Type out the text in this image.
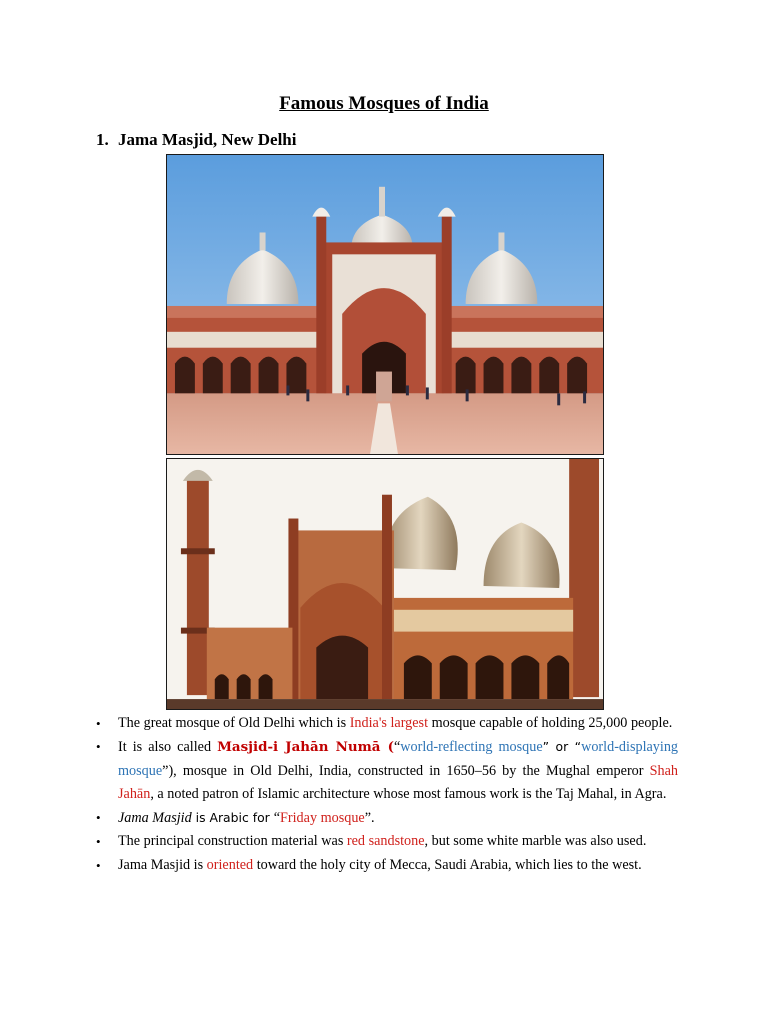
Famous Mosques of India
1. Jama Masjid, New Delhi
• The great mosque of Old Delhi which is India's largest mosque capable of holding 25,000 people.
• It is also called Masjid-i Jahān Numā (“world-reflecting mosque” or “world-displaying mosque”), mosque in Old Delhi, India, constructed in 1650–56 by the Mughal emperor Shah Jahān, a noted patron of Islamic architecture whose most famous work is the Taj Mahal, in Agra.
• Jama Masjid is Arabic for “Friday mosque”.
• The principal construction material was red sandstone, but some white marble was also used.
• Jama Masjid is oriented toward the holy city of Mecca, Saudi Arabia, which lies to the west.
